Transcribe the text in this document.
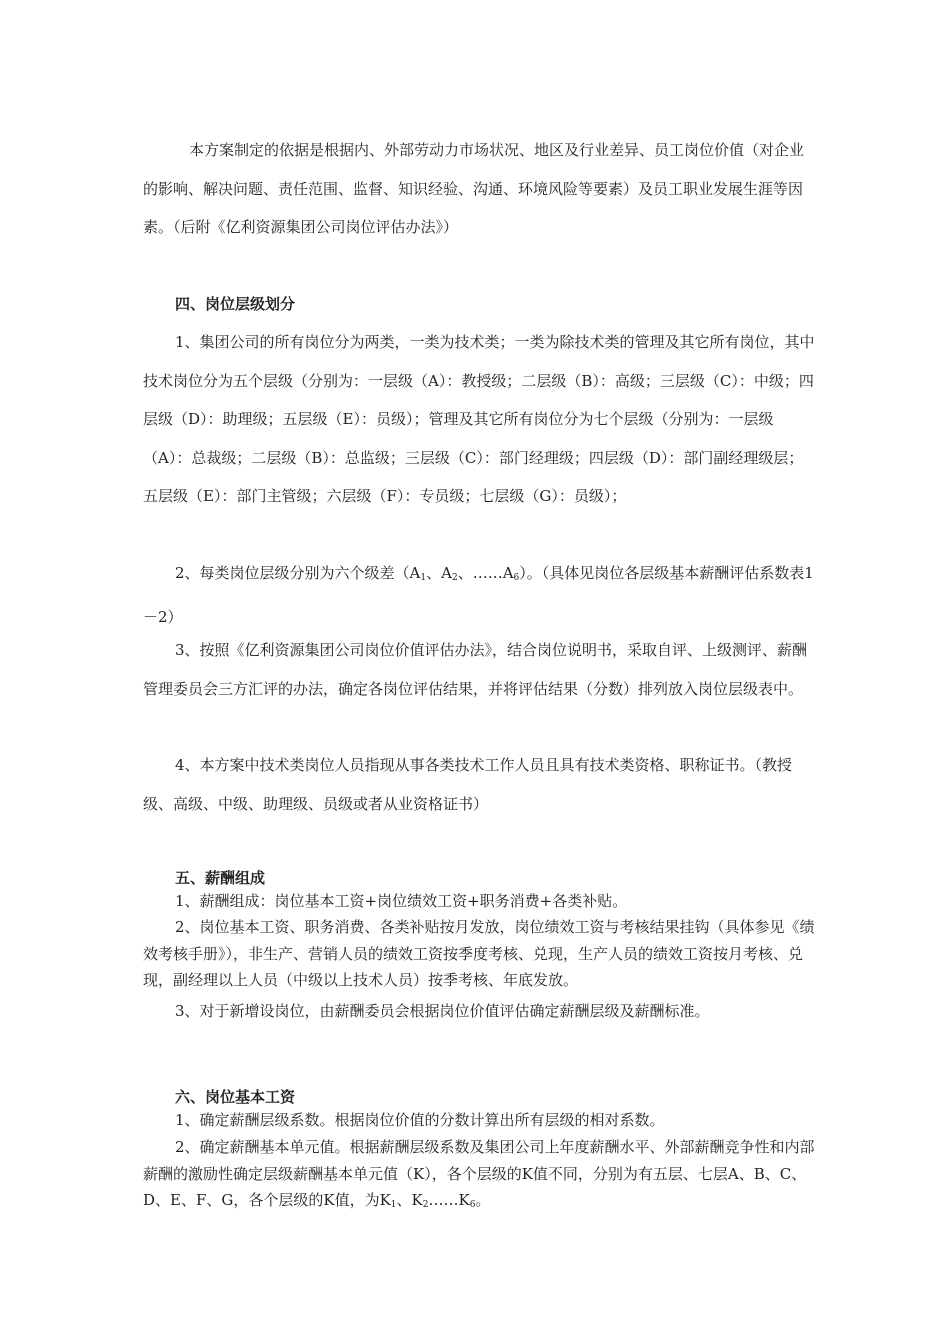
本方案制定的依据是根据内、外部劳动力市场状况、地区及行业差异、员工岗位价值（对企业的影响、解决问题、责任范围、监督、知识经验、沟通、环境风险等要素）及员工职业发展生涯等因素。（后附《亿利资源集团公司岗位评估办法》）

四、岗位层级划分

1、集团公司的所有岗位分为两类，一类为技术类；一类为除技术类的管理及其它所有岗位，其中技术岗位分为五个层级（分别为：一层级（A）：教授级；二层级（B）：高级；三层级（C）：中级；四层级（D）：助理级；五层级（E）：员级）；管理及其它所有岗位分为七个层级（分别为：一层级（A）：总裁级；二层级（B）：总监级；三层级（C）：部门经理级；四层级（D）：部门副经理级层；五层级（E）：部门主管级；六层级（F）：专员级；七层级（G）：员级）；

2、每类岗位层级分别为六个级差（$A_1$、$A_2$、$\dots\dots A_6$）。（具体见岗位各层级基本薪酬评估系数表1－2）

3、按照《亿利资源集团公司岗位价值评估办法》，结合岗位说明书，采取自评、上级测评、薪酬管理委员会三方汇评的办法，确定各岗位评估结果，并将评估结果（分数）排列放入岗位层级表中。

4、本方案中技术类岗位人员指现从事各类技术工作人员且具有技术类资格、职称证书。（教授级、高级、中级、助理级、员级或者从业资格证书）

五、薪酬组成

1、薪酬组成：岗位基本工资+岗位绩效工资+职务消费+各类补贴。

2、岗位基本工资、职务消费、各类补贴按月发放，岗位绩效工资与考核结果挂钩（具体参见《绩效考核手册》），非生产、营销人员的绩效工资按季度考核、兑现，生产人员的绩效工资按月考核、兑现，副经理以上人员（中级以上技术人员）按季考核、年底发放。

3、对于新增设岗位，由薪酬委员会根据岗位价值评估确定薪酬层级及薪酬标准。

六、岗位基本工资

1、确定薪酬层级系数。根据岗位价值的分数计算出所有层级的相对系数。

2、确定薪酬基本单元值。根据薪酬层级系数及集团公司上年度薪酬水平、外部薪酬竞争性和内部薪酬的激励性确定层级薪酬基本单元值（K），各个层级的K值不同，分别为有五层、七层A、B、C、D、E、F、G，各个层级的K值，为$K_1$、$K_2\dots\dots K_6$。
